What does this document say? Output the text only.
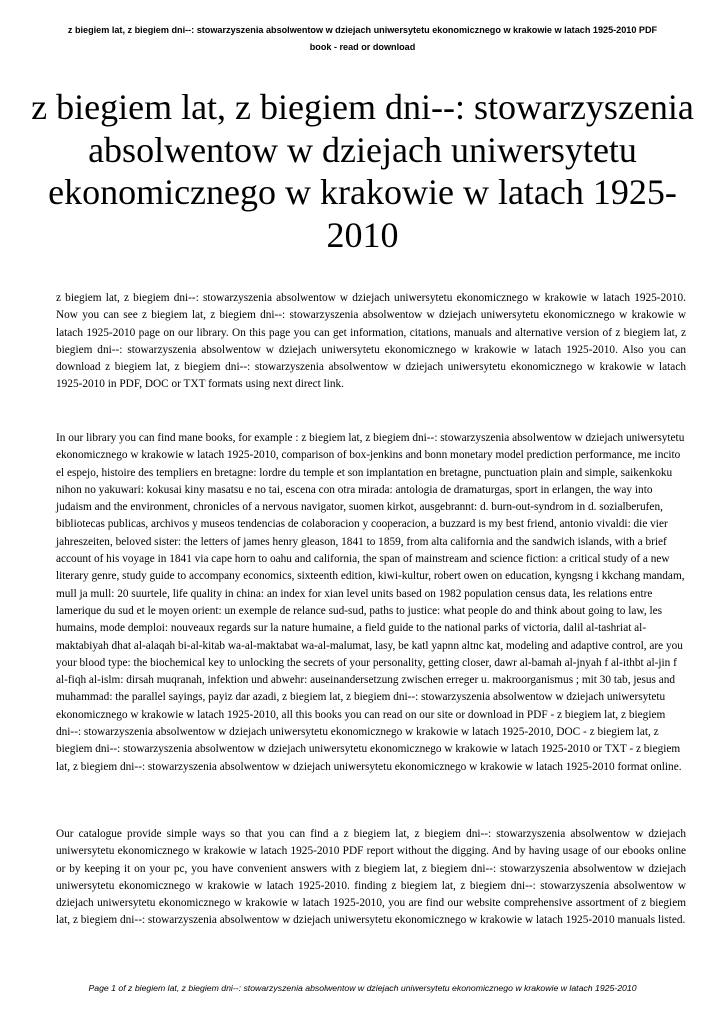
z biegiem lat, z biegiem dni--: stowarzyszenia absolwentow w dziejach uniwersytetu ekonomicznego w krakowie w latach 1925-2010 PDF
book - read or download
z biegiem lat, z biegiem dni--: stowarzyszenia absolwentow w dziejach uniwersytetu ekonomicznego w krakowie w latach 1925-2010

z biegiem lat, z biegiem dni--: stowarzyszenia absolwentow w dziejach uniwersytetu ekonomicznego w krakowie w latach 1925-2010. Now you can see z biegiem lat, z biegiem dni--: stowarzyszenia absolwentow w dziejach uniwersytetu ekonomicznego w krakowie w latach 1925-2010 page on our library. On this page you can get information, citations, manuals and alternative version of z biegiem lat, z biegiem dni--: stowarzyszenia absolwentow w dziejach uniwersytetu ekonomicznego w krakowie w latach 1925-2010. Also you can download z biegiem lat, z biegiem dni--: stowarzyszenia absolwentow w dziejach uniwersytetu ekonomicznego w krakowie w latach 1925-2010 in PDF, DOC or TXT formats using next direct link.

In our library you can find mane books, for example : z biegiem lat, z biegiem dni--: stowarzyszenia absolwentow w dziejach uniwersytetu ekonomicznego w krakowie w latach 1925-2010, comparison of box-jenkins and bonn monetary model prediction performance, me incito el espejo, histoire des templiers en bretagne: lordre du temple et son implantation en bretagne, punctuation plain and simple, saikenkoku nihon no yakuwari: kokusai kiny masatsu e no tai, escena con otra mirada: antologia de dramaturgas, sport in erlangen, the way into judaism and the environment, chronicles of a nervous navigator, suomen kirkot, ausgebrannt: d. burn-out-syndrom in d. sozialberufen, bibliotecas publicas, archivos y museos tendencias de colaboracion y cooperacion, a buzzard is my best friend, antonio vivaldi: die vier jahreszeiten, beloved sister: the letters of james henry gleason, 1841 to 1859, from alta california and the sandwich islands, with a brief account of his voyage in 1841 via cape horn to oahu and california, the span of mainstream and science fiction: a critical study of a new literary genre, study guide to accompany economics, sixteenth edition, kiwi-kultur, robert owen on education, kyngsng i kkchang mandam, mull ja mull: 20 suurtele, life quality in china: an index for xian level units based on 1982 population census data, les relations entre lamerique du sud et le moyen orient: un exemple de relance sud-sud, paths to justice: what people do and think about going to law, les humains, mode demploi: nouveaux regards sur la nature humaine, a field guide to the national parks of victoria, dalil al-tashriat al-maktabiyah dhat al-alaqah bi-al-kitab wa-al-maktabat wa-al-malumat, lasy, be katl yapnn altnc kat, modeling and adaptive control, are you your blood type: the biochemical key to unlocking the secrets of your personality, getting closer, dawr al-bamah al-jnyah f al-ithbt al-jin f al-fiqh al-islm: dirsah muqranah, infektion und abwehr: auseinandersetzung zwischen erreger u. makroorganismus ; mit 30 tab, jesus and muhammad: the parallel sayings, payiz dar azadi, z biegiem lat, z biegiem dni--: stowarzyszenia absolwentow w dziejach uniwersytetu ekonomicznego w krakowie w latach 1925-2010, all this books you can read on our site or download in PDF - z biegiem lat, z biegiem dni--: stowarzyszenia absolwentow w dziejach uniwersytetu ekonomicznego w krakowie w latach 1925-2010, DOC - z biegiem lat, z biegiem dni--: stowarzyszenia absolwentow w dziejach uniwersytetu ekonomicznego w krakowie w latach 1925-2010 or TXT - z biegiem lat, z biegiem dni--: stowarzyszenia absolwentow w dziejach uniwersytetu ekonomicznego w krakowie w latach 1925-2010 format online.

Our catalogue provide simple ways so that you can find a z biegiem lat, z biegiem dni--: stowarzyszenia absolwentow w dziejach uniwersytetu ekonomicznego w krakowie w latach 1925-2010 PDF report without the digging. And by having usage of our ebooks online or by keeping it on your pc, you have convenient answers with z biegiem lat, z biegiem dni--: stowarzyszenia absolwentow w dziejach uniwersytetu ekonomicznego w krakowie w latach 1925-2010. finding z biegiem lat, z biegiem dni--: stowarzyszenia absolwentow w dziejach uniwersytetu ekonomicznego w krakowie w latach 1925-2010, you are find our website comprehensive assortment of z biegiem lat, z biegiem dni--: stowarzyszenia absolwentow w dziejach uniwersytetu ekonomicznego w krakowie w latach 1925-2010 manuals listed.

Page 1 of z biegiem lat, z biegiem dni--: stowarzyszenia absolwentow w dziejach uniwersytetu ekonomicznego w krakowie w latach 1925-2010
